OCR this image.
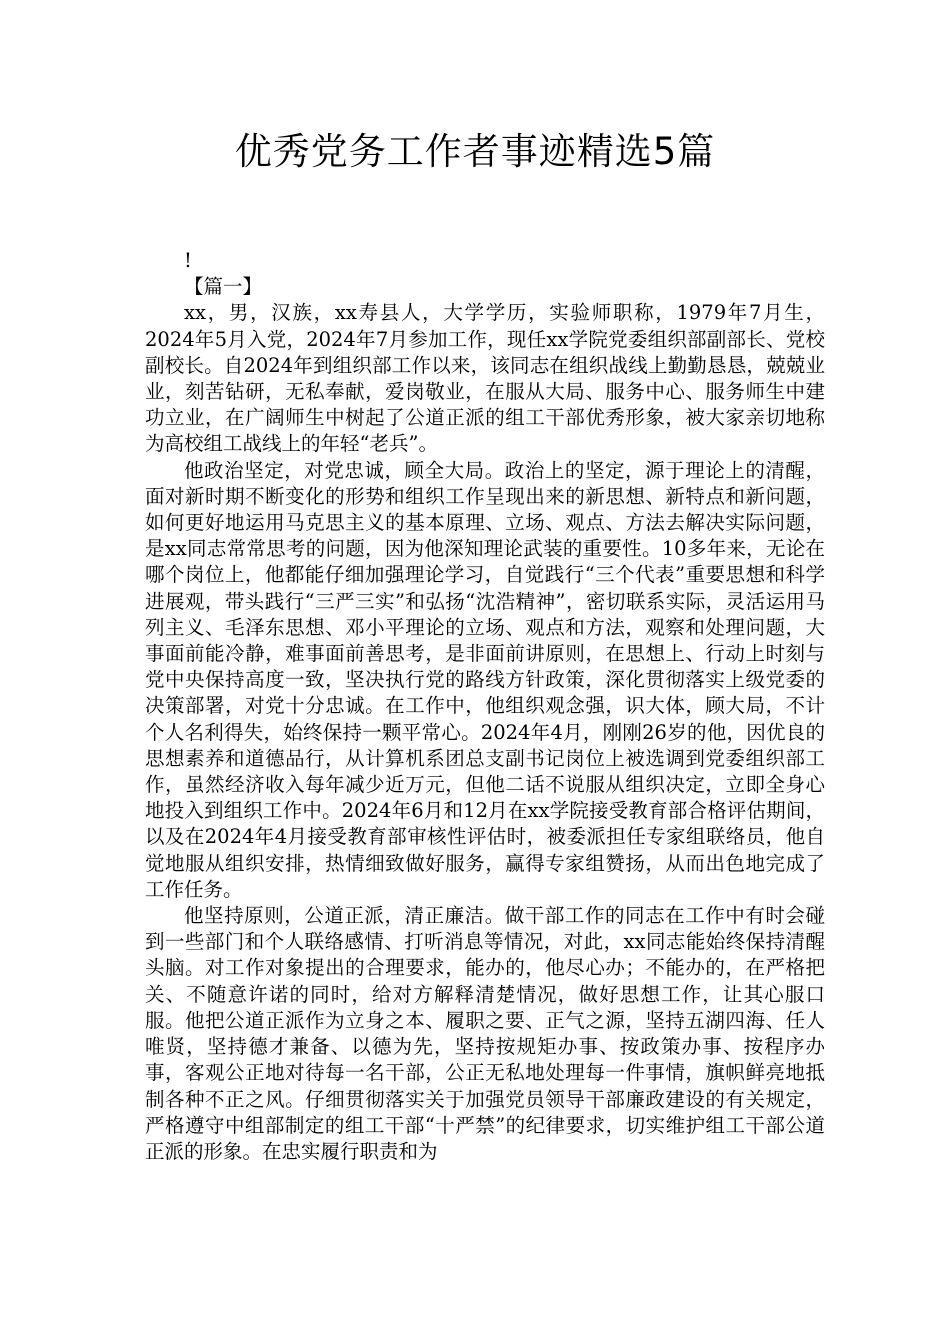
优秀党务工作者事迹精选5篇

!

【篇一】

xx，男，汉族，xx寿县人，大学学历，实验师职称，1979年7月生，2024年5月入党，2024年7月参加工作，现任xx学院党委组织部副部长、党校副校长。自2024年到组织部工作以来，该同志在组织战线上勤勤恳恳，兢兢业业，刻苦钻研，无私奉献，爱岗敬业，在服从大局、服务中心、服务师生中建功立业，在广阔师生中树起了公道正派的组工干部优秀形象，被大家亲切地称为高校组工战线上的年轻“老兵”。

他政治坚定，对党忠诚，顾全大局。政治上的坚定，源于理论上的清醒，面对新时期不断变化的形势和组织工作呈现出来的新思想、新特点和新问题，如何更好地运用马克思主义的基本原理、立场、观点、方法去解决实际问题，是xx同志常常思考的问题，因为他深知理论武装的重要性。10多年来，无论在哪个岗位上，他都能仔细加强理论学习，自觉践行“三个代表”重要思想和科学进展观，带头践行“三严三实”和弘扬“沈浩精神”，密切联系实际，灵活运用马列主义、毛泽东思想、邓小平理论的立场、观点和方法，观察和处理问题，大事面前能冷静，难事面前善思考，是非面前讲原则，在思想上、行动上时刻与党中央保持高度一致，坚决执行党的路线方针政策，深化贯彻落实上级党委的决策部署，对党十分忠诚。在工作中，他组织观念强，识大体，顾大局，不计个人名利得失，始终保持一颗平常心。2024年4月，刚刚26岁的他，因优良的思想素养和道德品行，从计算机系团总支副书记岗位上被选调到党委组织部工作，虽然经济收入每年减少近万元，但他二话不说服从组织决定，立即全身心地投入到组织工作中。2024年6月和12月在xx学院接受教育部合格评估期间，以及在2024年4月接受教育部审核性评估时，被委派担任专家组联络员，他自觉地服从组织安排，热情细致做好服务，赢得专家组赞扬，从而出色地完成了工作任务。

他坚持原则，公道正派，清正廉洁。做干部工作的同志在工作中有时会碰到一些部门和个人联络感情、打听消息等情况，对此，xx同志能始终保持清醒头脑。对工作对象提出的合理要求，能办的，他尽心办；不能办的，在严格把关、不随意许诺的同时，给对方解释清楚情况，做好思想工作，让其心服口服。他把公道正派作为立身之本、履职之要、正气之源，坚持五湖四海、任人唯贤，坚持德才兼备、以德为先，坚持按规矩办事、按政策办事、按程序办事，客观公正地对待每一名干部，公正无私地处理每一件事情，旗帜鲜亮地抵制各种不正之风。仔细贯彻落实关于加强党员领导干部廉政建设的有关规定，严格遵守中组部制定的组工干部“十严禁”的纪律要求，切实维护组工干部公道正派的形象。在忠实履行职责和为
